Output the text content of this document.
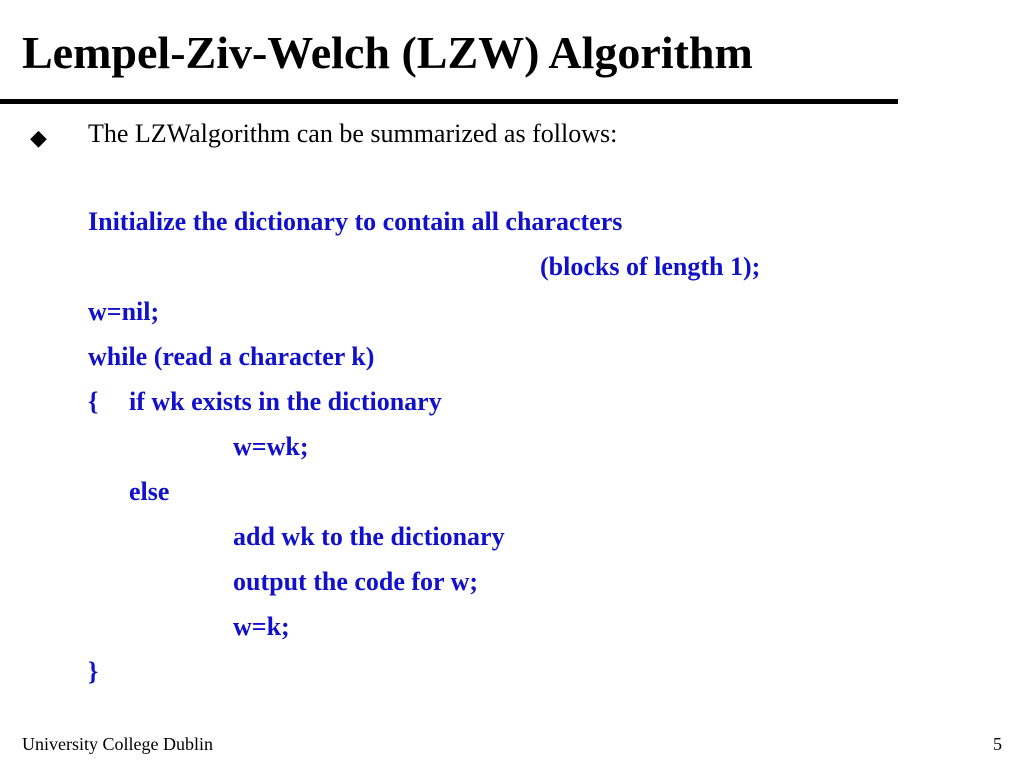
Lempel-Ziv-Welch (LZW) Algorithm
◆ The LZWalgorithm can be summarized as follows:
Initialize the dictionary to contain all characters
(blocks of length 1);
w=nil;
while (read a character k)
{ if wk exists in the dictionary
w=wk;
else
add wk to the dictionary
output the code for w;
w=k;
}
University College Dublin	5
